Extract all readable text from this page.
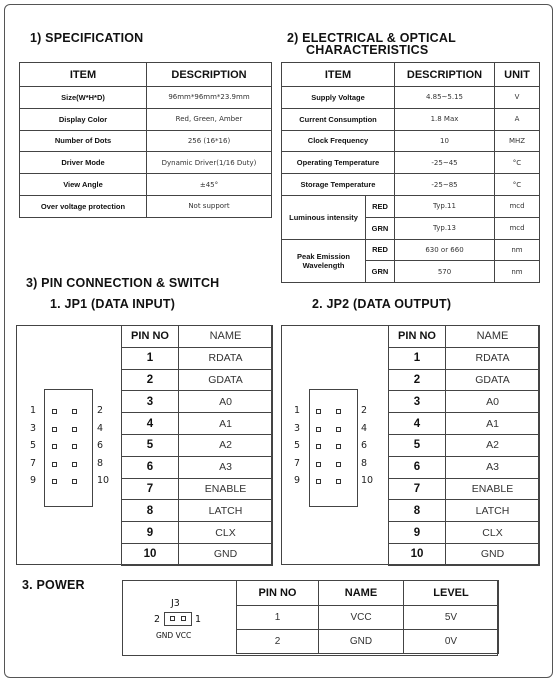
1) SPECIFICATION	2) ELECTRICAL & OPTICAL
CHARACTERISTICS
ITEM	DESCRIPTION
Size(W*H*D)	96mm*96mm*23.9mm
Display Color	Red, Green, Amber
Number of Dots	256 (16*16)
Driver Mode	Dynamic Driver(1/16 Duty)
View Angle	±45°
Over voltage protection	Not support
ITEM		DESCRIPTION	UNIT
Supply Voltage		4.85~5.15	V
Current Consumption		1.8 Max	A
Clock Frequency		10	MHZ
Operating Temperature		-25~45	°C
Storage Temperature		-25~85	°C
Luminous intensity	RED	Typ.11	mcd
	GRN	Typ.13	mcd
Peak Emission Wavelength	RED	630 or 660	nm
	GRN	570	nm
3) PIN CONNECTION & SWITCH
1. JP1 (DATA INPUT)	2. JP2 (DATA OUTPUT)
1	2
3	4
5	6
7	8
9	10
PIN NO	NAME
1	RDATA
2	GDATA
3	A0
4	A1
5	A2
6	A3
7	ENABLE
8	LATCH
9	CLX
10	GND
1	2
3	4
5	6
7	8
9	10
PIN NO	NAME
1	RDATA
2	GDATA
3	A0
4	A1
5	A2
6	A3
7	ENABLE
8	LATCH
9	CLX
10	GND
3. POWER
J3
2	1
GND VCC
PIN NO	NAME	LEVEL
1	VCC	5V
2	GND	0V
